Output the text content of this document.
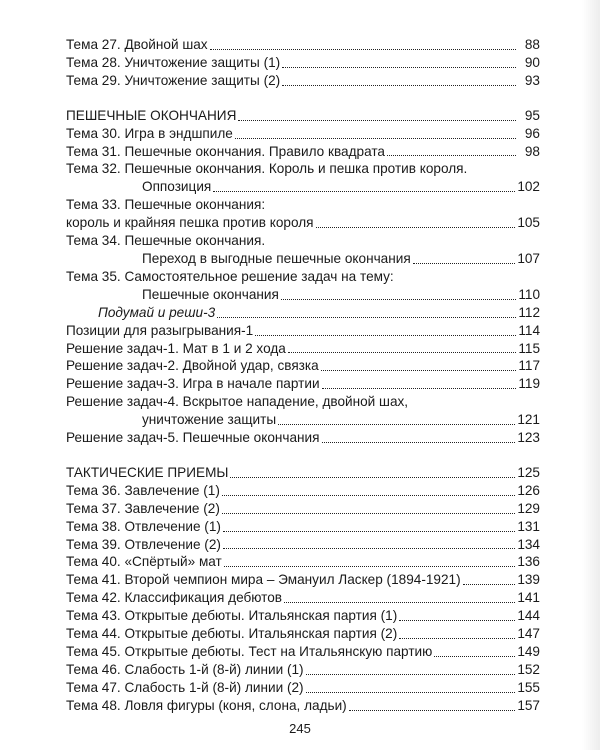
Тема 27. Двойной шах	88
Тема 28. Уничтожение защиты (1)	90
Тема 29. Уничтожение защиты (2)	93
ПЕШЕЧНЫЕ ОКОНЧАНИЯ	95
Тема 30. Игра в эндшпиле	96
Тема 31. Пешечные окончания. Правило квадрата	98
Тема 32. Пешечные окончания. Король и пешка против короля.
Оппозиция	102
Тема 33. Пешечные окончания:
король и крайняя пешка против короля	105
Тема 34. Пешечные окончания.
Переход в выгодные пешечные окончания	107
Тема 35. Самостоятельное решение задач на тему:
Пешечные окончания	110
Подумай и реши-3	112
Позиции для разыгрывания-1	114
Решение задач-1. Мат в 1 и 2 хода	115
Решение задач-2. Двойной удар, связка	117
Решение задач-3. Игра в начале партии	119
Решение задач-4. Вскрытое нападение, двойной шах,
уничтожение защиты	121
Решение задач-5. Пешечные окончания	123
ТАКТИЧЕСКИЕ ПРИЕМЫ	125
Тема 36. Завлечение (1)	126
Тема 37. Завлечение (2)	129
Тема 38. Отвлечение (1)	131
Тема 39. Отвлечение (2)	134
Тема 40. «Спёртый» мат	136
Тема 41. Второй чемпион мира – Эмануил Ласкер (1894-1921)	139
Тема 42. Классификация дебютов	141
Тема 43. Открытые дебюты. Итальянская партия (1)	144
Тема 44. Открытые дебюты. Итальянская партия (2)	147
Тема 45. Открытые дебюты. Тест на Итальянскую партию	149
Тема 46. Слабость 1-й (8-й) линии (1)	152
Тема 47. Слабость 1-й (8-й) линии (2)	155
Тема 48. Ловля фигуры (коня, слона, ладьи)	157
245
